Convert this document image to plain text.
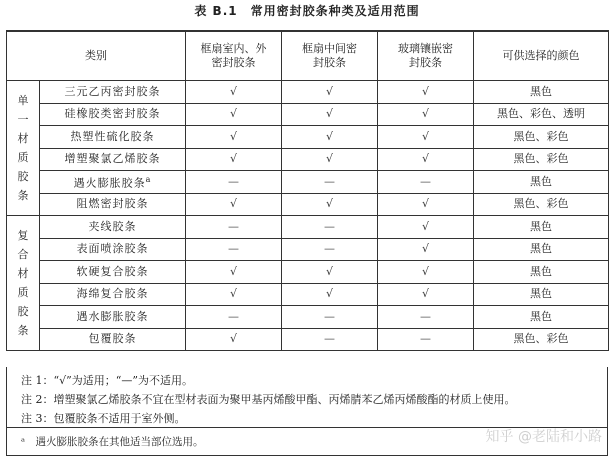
表 B.1　常用密封胶条种类及适用范围
类别		框扇室内、外密封胶条	框扇中间密封胶条	玻璃镶嵌密封胶条	可供选择的颜色
单一材质胶条	三元乙丙密封胶条	√	√	√	黑色
	硅橡胶类密封胶条	√	√	√	黑色、彩色、透明
	热塑性硫化胶条	√	√	√	黑色、彩色
	增塑聚氯乙烯胶条	√	√	√	黑色、彩色
	遇火膨胀胶条$^a$	—	—	—	黑色
	阻燃密封胶条	√	√	√	黑色、彩色
复合材质胶条	夹线胶条	—	—	√	黑色
	表面喷涂胶条	—	—	√	黑色
	软硬复合胶条	√	√	√	黑色
	海绵复合胶条	√	√	√	黑色
	遇水膨胀胶条	—	—	—	黑色
	包覆胶条	√	—	—	黑色、彩色
注 1：“√”为适用；“—”为不适用。
注 2：增塑聚氯乙烯胶条不宜在型材表面为聚甲基丙烯酸甲酯、丙烯腈苯乙烯丙烯酸酯的材质上使用。
注 3：包覆胶条不适用于室外侧。
ᵃ　遇火膨胀胶条在其他适当部位选用。	知乎 @老陆和小路
